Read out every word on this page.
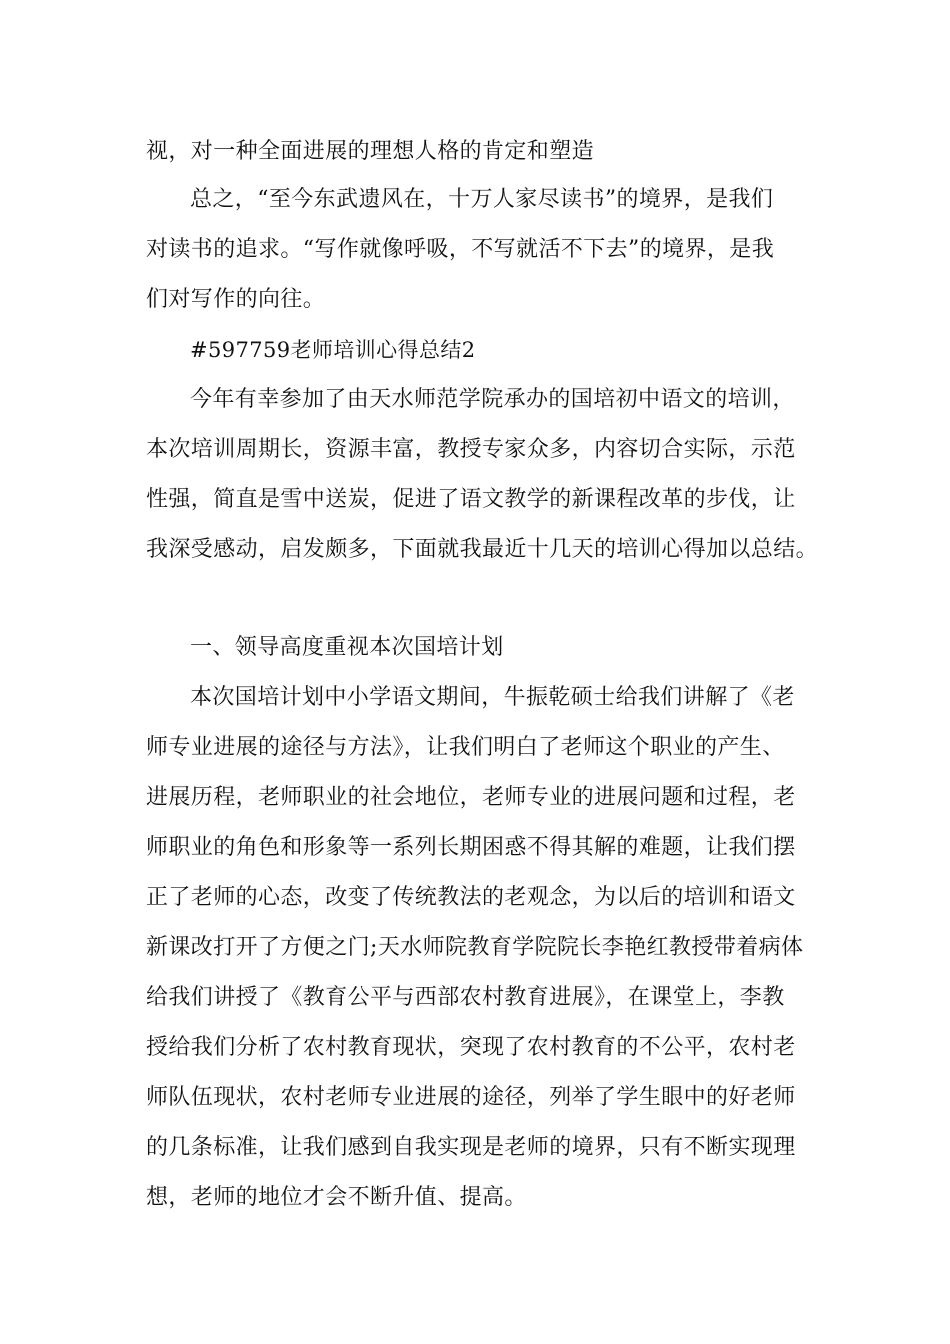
视，对一种全面进展的理想人格的肯定和塑造
总之，“至今东武遗风在，十万人家尽读书”的境界，是我们
对读书的追求。“写作就像呼吸，不写就活不下去”的境界，是我
们对写作的向往。
#597759老师培训心得总结2
今年有幸参加了由天水师范学院承办的国培初中语文的培训，
本次培训周期长，资源丰富，教授专家众多，内容切合实际，示范
性强，简直是雪中送炭，促进了语文教学的新课程改革的步伐，让
我深受感动，启发颇多，下面就我最近十几天的培训心得加以总结。
一、领导高度重视本次国培计划
本次国培计划中小学语文期间，牛振乾硕士给我们讲解了《老
师专业进展的途径与方法》，让我们明白了老师这个职业的产生、
进展历程，老师职业的社会地位，老师专业的进展问题和过程，老
师职业的角色和形象等一系列长期困惑不得其解的难题，让我们摆
正了老师的心态，改变了传统教法的老观念，为以后的培训和语文
新课改打开了方便之门;天水师院教育学院院长李艳红教授带着病体
给我们讲授了《教育公平与西部农村教育进展》，在课堂上，李教
授给我们分析了农村教育现状，突现了农村教育的不公平，农村老
师队伍现状，农村老师专业进展的途径，列举了学生眼中的好老师
的几条标准，让我们感到自我实现是老师的境界，只有不断实现理
想，老师的地位才会不断升值、提高。
